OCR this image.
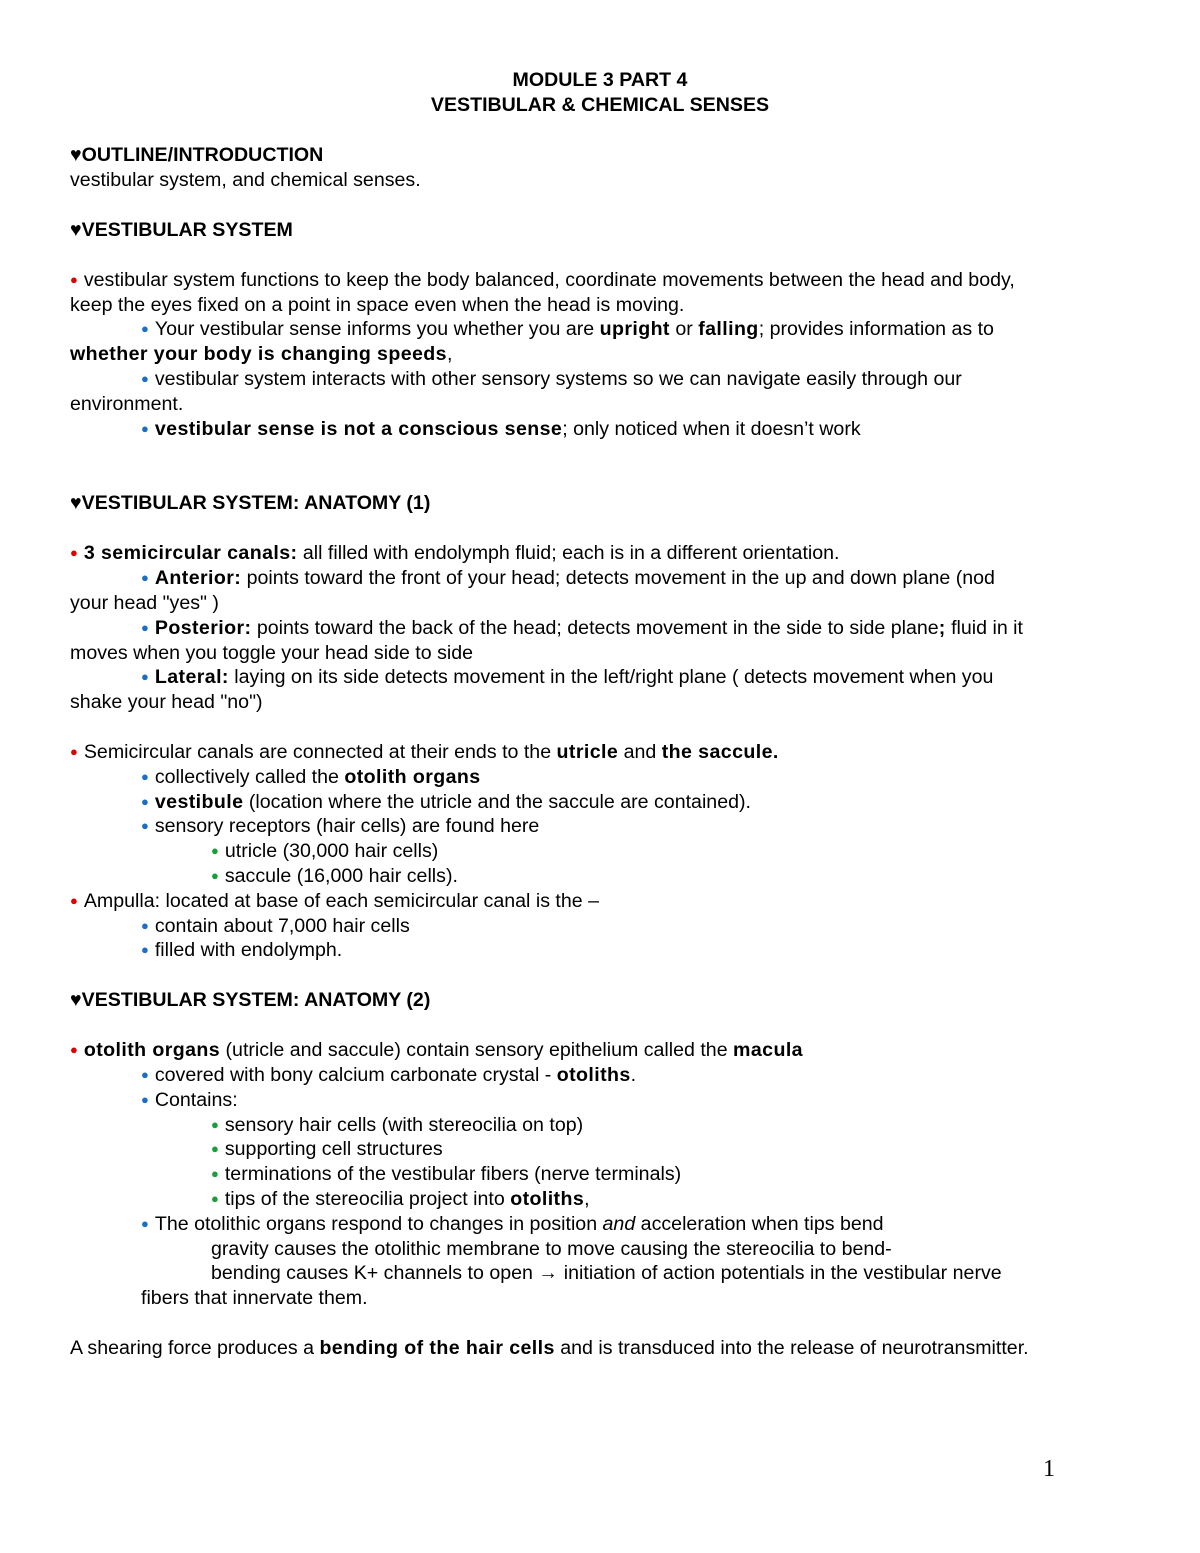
MODULE 3 PART 4
VESTIBULAR & CHEMICAL SENSES
♥OUTLINE/INTRODUCTION
vestibular system, and chemical senses.
♥VESTIBULAR SYSTEM
● vestibular system functions to keep the body balanced, coordinate movements between the head and body,
keep the eyes fixed on a point in space even when the head is moving.
● Your vestibular sense informs you whether you are upright or falling; provides information as to
whether your body is changing speeds,
● vestibular system interacts with other sensory systems so we can navigate easily through our
environment.
● vestibular sense is not a conscious sense; only noticed when it doesn’t work
♥VESTIBULAR SYSTEM: ANATOMY (1)
● 3 semicircular canals: all filled with endolymph fluid; each is in a different orientation.
● Anterior: points toward the front of your head; detects movement in the up and down plane (nod
your head "yes" )
● Posterior: points toward the back of the head; detects movement in the side to side plane; fluid in it
moves when you toggle your head side to side
● Lateral: laying on its side detects movement in the left/right plane ( detects movement when you
shake your head "no")
● Semicircular canals are connected at their ends to the utricle and the saccule.
● collectively called the otolith organs
● vestibule (location where the utricle and the saccule are contained).
● sensory receptors (hair cells) are found here
● utricle (30,000 hair cells)
● saccule (16,000 hair cells).
● Ampulla: located at base of each semicircular canal is the –
● contain about 7,000 hair cells
● filled with endolymph.
♥VESTIBULAR SYSTEM: ANATOMY (2)
● otolith organs (utricle and saccule) contain sensory epithelium called the macula
● covered with bony calcium carbonate crystal - otoliths.
● Contains:
● sensory hair cells (with stereocilia on top)
● supporting cell structures
● terminations of the vestibular fibers (nerve terminals)
● tips of the stereocilia project into otoliths,
● The otolithic organs respond to changes in position and acceleration when tips bend
gravity causes the otolithic membrane to move causing the stereocilia to bend-
bending causes K+ channels to open → initiation of action potentials in the vestibular nerve
fibers that innervate them.
A shearing force produces a bending of the hair cells and is transduced into the release of neurotransmitter.
1
